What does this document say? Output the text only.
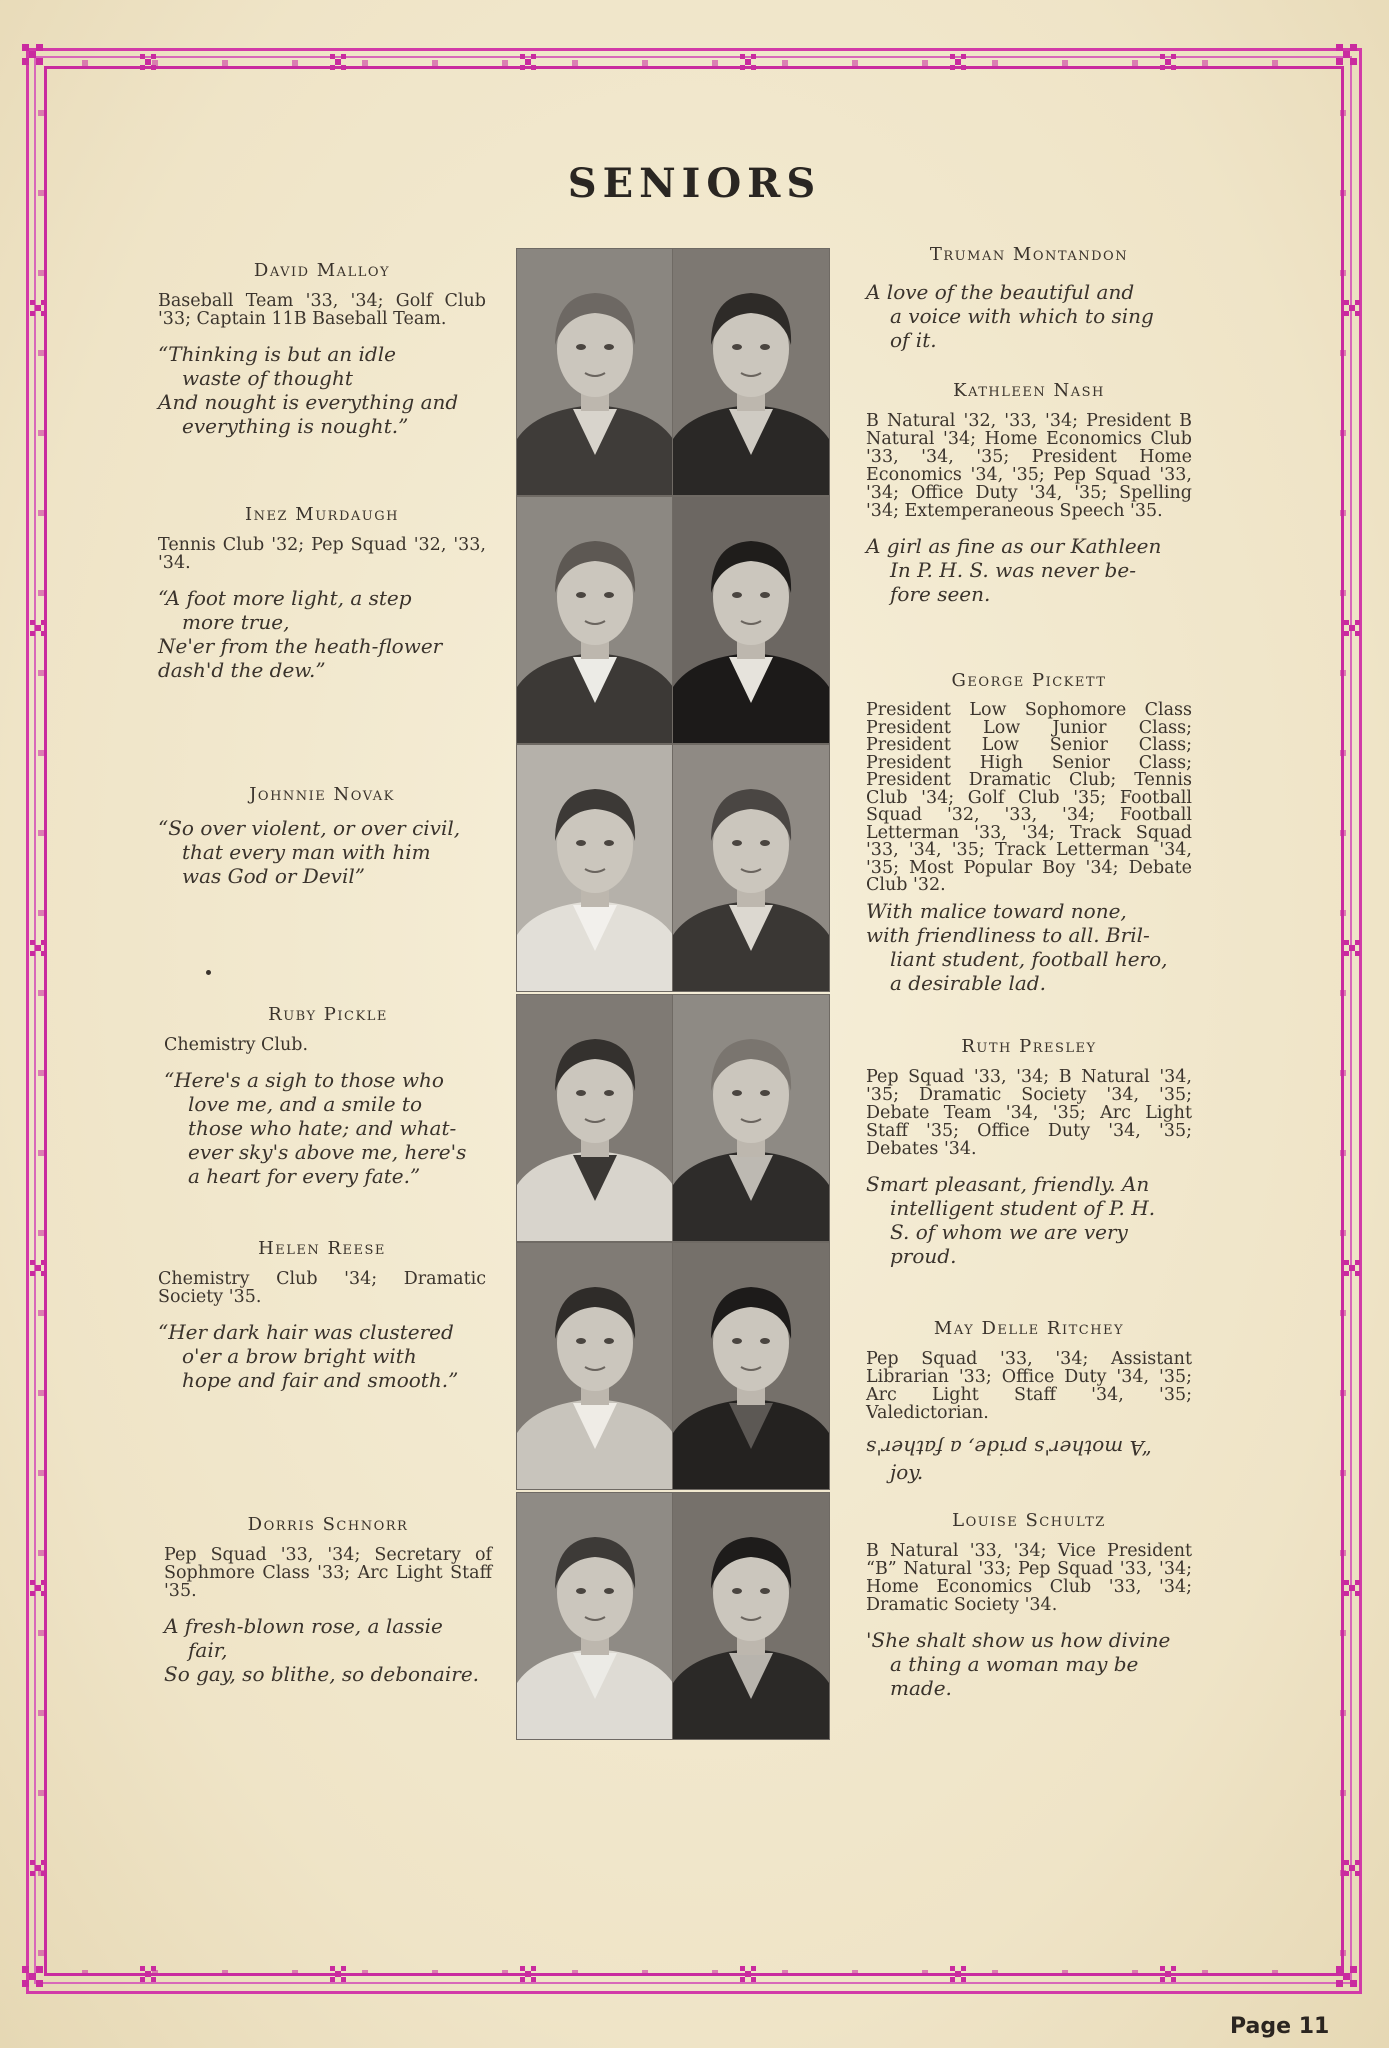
SENIORS
David Malloy
Baseball Team '33, '34; Golf Club '33; Captain 11B Baseball Team.
“Thinking is but an idle
waste of thought
And nought is everything and
everything is nought.”
Inez Murdaugh
Tennis Club '32; Pep Squad '32, '33, '34.
“A foot more light, a step
more true,
Ne'er from the heath-flower
dash'd the dew.”
Johnnie Novak
“So over violent, or over civil,
that every man with him
was God or Devil”
Ruby Pickle
Chemistry Club.
“Here's a sigh to those who
love me, and a smile to
those who hate; and what-
ever sky's above me, here's
a heart for every fate.”
Helen Reese
Chemistry Club '34; Dramatic Society '35.
“Her dark hair was clustered
o'er a brow bright with
hope and fair and smooth.”
Dorris Schnorr
Pep Squad '33, '34; Secretary of Sophmore Class '33; Arc Light Staff '35.
A fresh-blown rose, a lassie
fair,
So gay, so blithe, so debonaire.
Truman Montandon
A love of the beautiful and
a voice with which to sing
of it.
Kathleen Nash
B Natural '32, '33, '34; President B Natural '34; Home Economics Club '33, '34, '35; President Home Economics '34, '35; Pep Squad '33, '34; Office Duty '34, '35; Spelling '34; Extemperaneous Speech '35.
A girl as fine as our Kathleen
In P. H. S. was never be-
fore seen.
George Pickett
President Low Sophomore Class President Low Junior Class; President Low Senior Class; President High Senior Class; President Dramatic Club; Tennis Club '34; Golf Club '35; Football Squad '32, '33, '34; Football Letterman '33, '34; Track Squad '33, '34, '35; Track Letterman '34, '35; Most Popular Boy '34; Debate Club '32.
With malice toward none,
with friendliness to all. Bril-
liant student, football hero,
a desirable lad.
Ruth Presley
Pep Squad '33, '34; B Natural '34, '35; Dramatic Society '34, '35; Debate Team '34, '35; Arc Light Staff '35; Office Duty '34, '35; Debates '34.
Smart pleasant, friendly. An
intelligent student of P. H.
S. of whom we are very
proud.
May Delle Ritchey
Pep Squad '33, '34; Assistant Librarian '33; Office Duty '34, '35; Arc Light Staff '34, '35; Valedictorian.
“A mother's pride, a father's
joy.
Louise Schultz
B Natural '33, '34; Vice President “B” Natural '33; Pep Squad '33, '34; Home Economics Club '33, '34; Dramatic Society '34.
'She shalt show us how divine
a thing a woman may be
made.
Page 11
